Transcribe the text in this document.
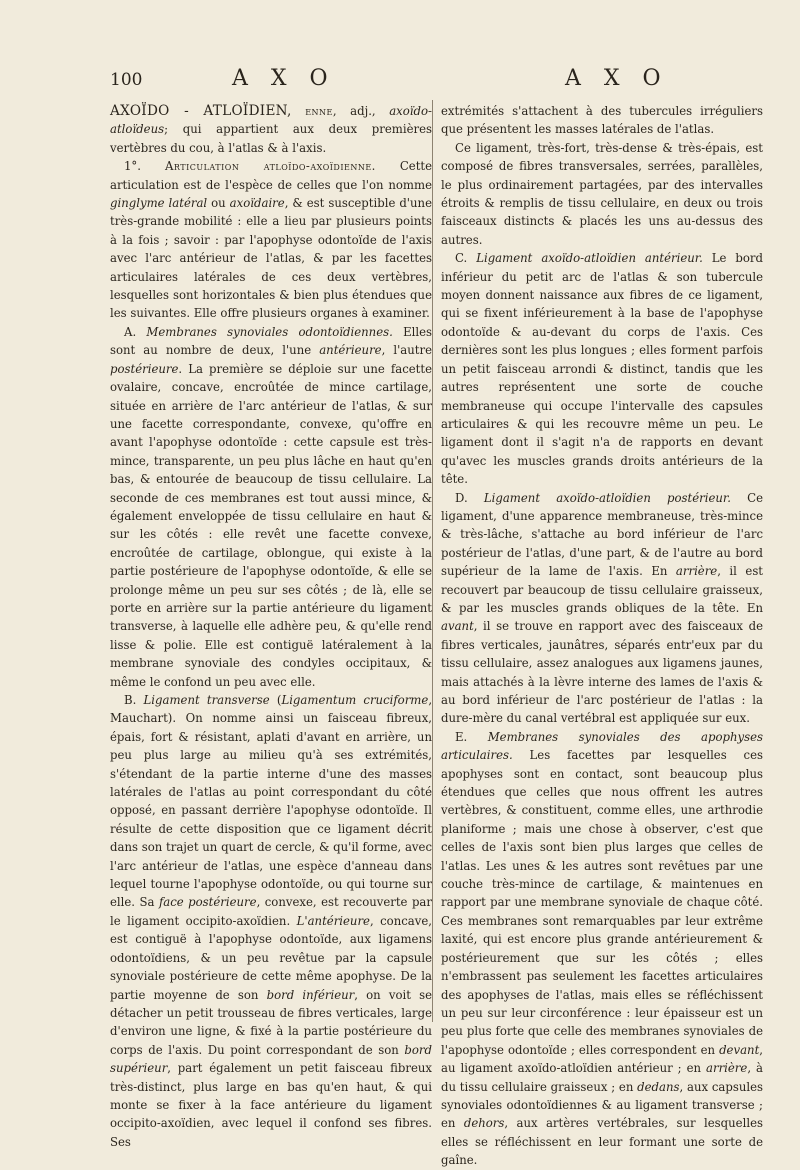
100	A X O	A X O

AXOÏDO - ATLOÏDIEN, enne, adj., axoïdo-atloïdeus; qui appartient aux deux premières vertèbres du cou, à l'atlas & à l'axis.

1°. Articulation atloïdo-axoïdienne. Cette articulation est de l'espèce de celles que l'on nomme ginglyme latéral ou axoïdaire, & est susceptible d'une très-grande mobilité : elle a lieu par plusieurs points à la fois ; savoir : par l'apophyse odontoïde de l'axis avec l'arc antérieur de l'atlas, & par les facettes articulaires latérales de ces deux vertèbres, lesquelles sont horizontales & bien plus étendues que les suivantes. Elle offre plusieurs organes à examiner.

A. Membranes synoviales odontoïdiennes. Elles sont au nombre de deux, l'une antérieure, l'autre postérieure. La première se déploie sur une facette ovalaire, concave, encroûtée de mince cartilage, située en arrière de l'arc antérieur de l'atlas, & sur une facette correspondante, convexe, qu'offre en avant l'apophyse odontoïde : cette capsule est très-mince, transparente, un peu plus lâche en haut qu'en bas, & entourée de beaucoup de tissu cellulaire. La seconde de ces membranes est tout aussi mince, & également enveloppée de tissu cellulaire en haut & sur les côtés : elle revêt une facette convexe, encroûtée de cartilage, oblongue, qui existe à la partie postérieure de l'apophyse odontoïde, & elle se prolonge même un peu sur ses côtés ; de là, elle se porte en arrière sur la partie antérieure du ligament transverse, à laquelle elle adhère peu, & qu'elle rend lisse & polie. Elle est contiguë latéralement à la membrane synoviale des condyles occipitaux, & même le confond un peu avec elle.

B. Ligament transverse (Ligamentum cruciforme, Mauchart). On nomme ainsi un faisceau fibreux, épais, fort & résistant, aplati d'avant en arrière, un peu plus large au milieu qu'à ses extrémités, s'étendant de la partie interne d'une des masses latérales de l'atlas au point correspondant du côté opposé, en passant derrière l'apophyse odontoïde. Il résulte de cette disposition que ce ligament décrit dans son trajet un quart de cercle, & qu'il forme, avec l'arc antérieur de l'atlas, une espèce d'anneau dans lequel tourne l'apophyse odontoïde, ou qui tourne sur elle. Sa face postérieure, convexe, est recouverte par le ligament occipito-axoïdien. L'antérieure, concave, est contiguë à l'apophyse odontoïde, aux ligamens odontoïdiens, & un peu revêtue par la capsule synoviale postérieure de cette même apophyse. De la partie moyenne de son bord inférieur, on voit se détacher un petit trousseau de fibres verticales, large d'environ une ligne, & fixé à la partie postérieure du corps de l'axis. Du point correspondant de son bord supérieur, part également un petit faisceau fibreux très-distinct, plus large en bas qu'en haut, & qui monte se fixer à la face antérieure du ligament occipito-axoïdien, avec lequel il confond ses fibres. Ses

extrémités s'attachent à des tubercules irréguliers que présentent les masses latérales de l'atlas.

Ce ligament, très-fort, très-dense & très-épais, est composé de fibres transversales, serrées, parallèles, le plus ordinairement partagées, par des intervalles étroits & remplis de tissu cellulaire, en deux ou trois faisceaux distincts & placés les uns au-dessus des autres.

C. Ligament axoïdo-atloïdien antérieur. Le bord inférieur du petit arc de l'atlas & son tubercule moyen donnent naissance aux fibres de ce ligament, qui se fixent inférieurement à la base de l'apophyse odontoïde & au-devant du corps de l'axis. Ces dernières sont les plus longues ; elles forment parfois un petit faisceau arrondi & distinct, tandis que les autres représentent une sorte de couche membraneuse qui occupe l'intervalle des capsules articulaires & qui les recouvre même un peu. Le ligament dont il s'agit n'a de rapports en devant qu'avec les muscles grands droits antérieurs de la tête.

D. Ligament axoïdo-atloïdien postérieur. Ce ligament, d'une apparence membraneuse, très-mince & très-lâche, s'attache au bord inférieur de l'arc postérieur de l'atlas, d'une part, & de l'autre au bord supérieur de la lame de l'axis. En arrière, il est recouvert par beaucoup de tissu cellulaire graisseux, & par les muscles grands obliques de la tête. En avant, il se trouve en rapport avec des faisceaux de fibres verticales, jaunâtres, séparés entr'eux par du tissu cellulaire, assez analogues aux ligamens jaunes, mais attachés à la lèvre interne des lames de l'axis & au bord inférieur de l'arc postérieur de l'atlas : la dure-mère du canal vertébral est appliquée sur eux.

E. Membranes synoviales des apophyses articulaires. Les facettes par lesquelles ces apophyses sont en contact, sont beaucoup plus étendues que celles que nous offrent les autres vertèbres, & constituent, comme elles, une arthrodie planiforme ; mais une chose à observer, c'est que celles de l'axis sont bien plus larges que celles de l'atlas. Les unes & les autres sont revêtues par une couche très-mince de cartilage, & maintenues en rapport par une membrane synoviale de chaque côté. Ces membranes sont remarquables par leur extrême laxité, qui est encore plus grande antérieurement & postérieurement que sur les côtés ; elles n'embrassent pas seulement les facettes articulaires des apophyses de l'atlas, mais elles se réfléchissent un peu sur leur circonférence : leur épaisseur est un peu plus forte que celle des membranes synoviales de l'apophyse odontoïde ; elles correspondent en devant, au ligament axoïdo-atloïdien antérieur ; en arrière, à du tissu cellulaire graisseux ; en dedans, aux capsules synoviales odontoïdiennes & au ligament transverse ; en dehors, aux artères vertébrales, sur lesquelles elles se réfléchissent en leur formant une sorte de gaîne.
